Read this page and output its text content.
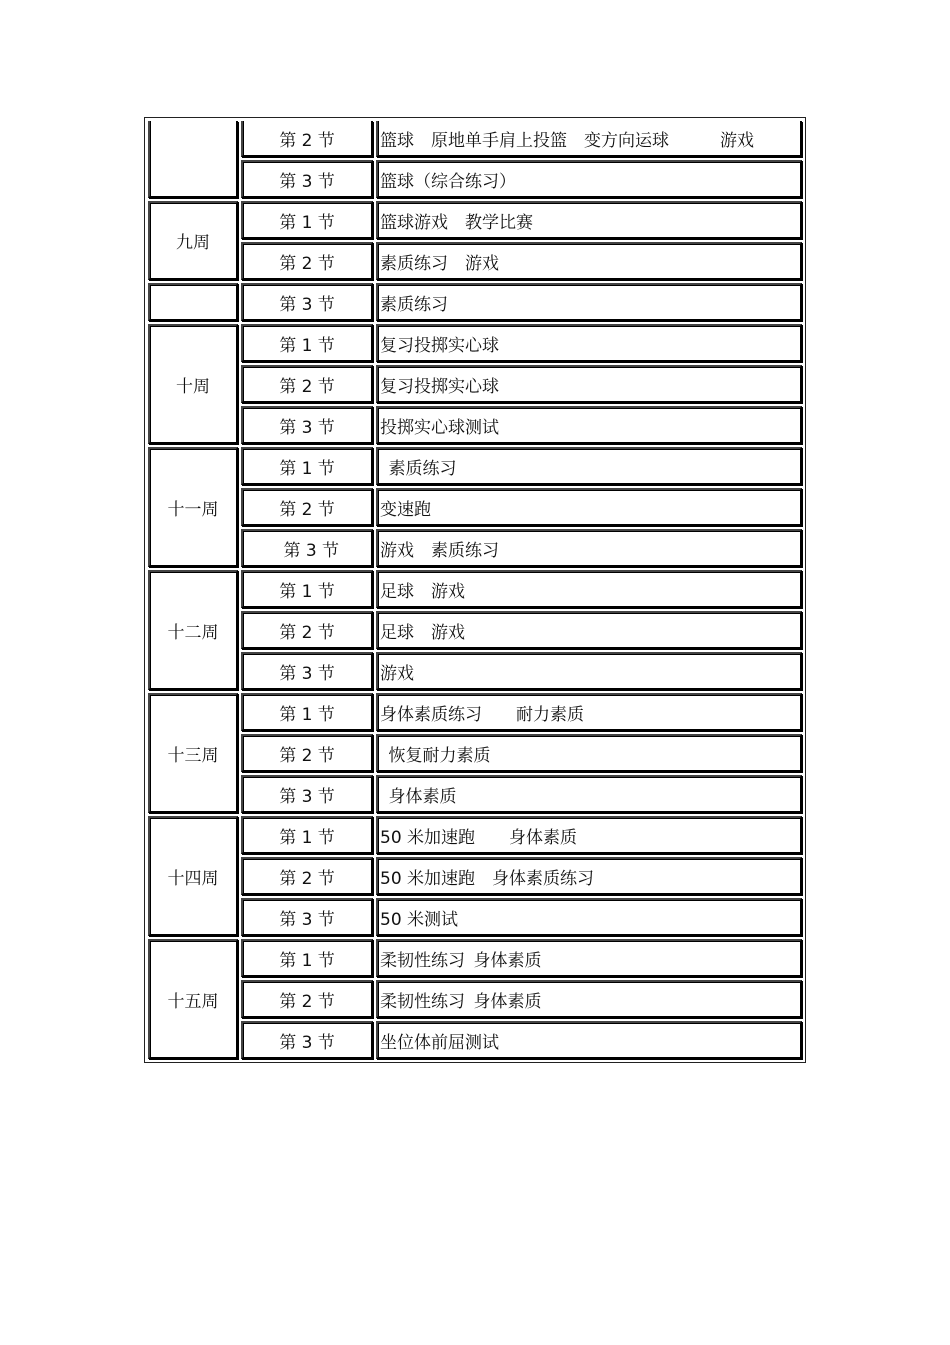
	第 2 节	篮球　原地单手肩上投篮　变方向运球　　　游戏
	第 3 节	篮球（综合练习）
九周	第 1 节	篮球游戏　教学比赛
	第 2 节	素质练习　游戏
	第 3 节	素质练习
十周	第 1 节	复习投掷实心球
	第 2 节	复习投掷实心球
	第 3 节	投掷实心球测试
十一周	第 1 节	 素质练习
	第 2 节	变速跑
	 第 3 节	游戏　素质练习
十二周	第 1 节	足球　游戏
	第 2 节	足球　游戏
	第 3 节	游戏
十三周	第 1 节	身体素质练习　　耐力素质
	第 2 节	 恢复耐力素质
	第 3 节	 身体素质
十四周	第 1 节	50 米加速跑　　身体素质
	第 2 节	50 米加速跑　身体素质练习
	第 3 节	50 米测试
十五周	第 1 节	柔韧性练习 身体素质
	第 2 节	柔韧性练习 身体素质
	第 3 节	坐位体前屈测试
